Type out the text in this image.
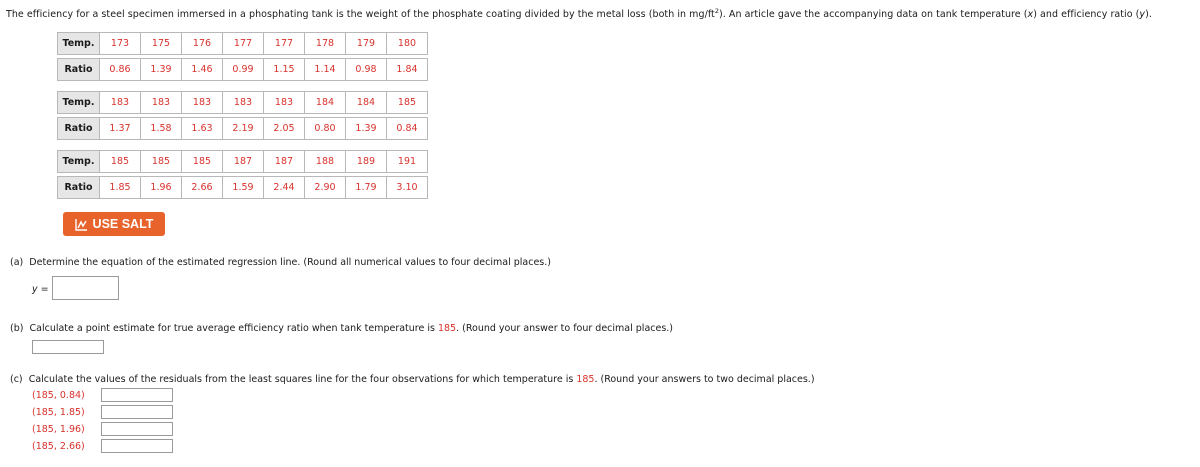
The efficiency for a steel specimen immersed in a phosphating tank is the weight of the phosphate coating divided by the metal loss (both in $mg/ft^2$). An article gave the accompanying data on tank temperature (x) and efficiency ratio (y).
Temp.	173	175	176	177	177	178	179	180

Ratio	0.86	1.39	1.46	0.99	1.15	1.14	0.98	1.84
Temp.	183	183	183	183	183	184	184	185

Ratio	1.37	1.58	1.63	2.19	2.05	0.80	1.39	0.84
Temp.	185	185	185	187	187	188	189	191

Ratio	1.85	1.96	2.66	1.59	2.44	2.90	1.79	3.10
USE SALT
(a) Determine the equation of the estimated regression line. (Round all numerical values to four decimal places.)
y =
(b) Calculate a point estimate for true average efficiency ratio when tank temperature is 185. (Round your answer to four decimal places.)
(c) Calculate the values of the residuals from the least squares line for the four observations for which temperature is 185. (Round your answers to two decimal places.)
(185, 0.84)
(185, 1.85)
(185, 1.96)
(185, 2.66)
